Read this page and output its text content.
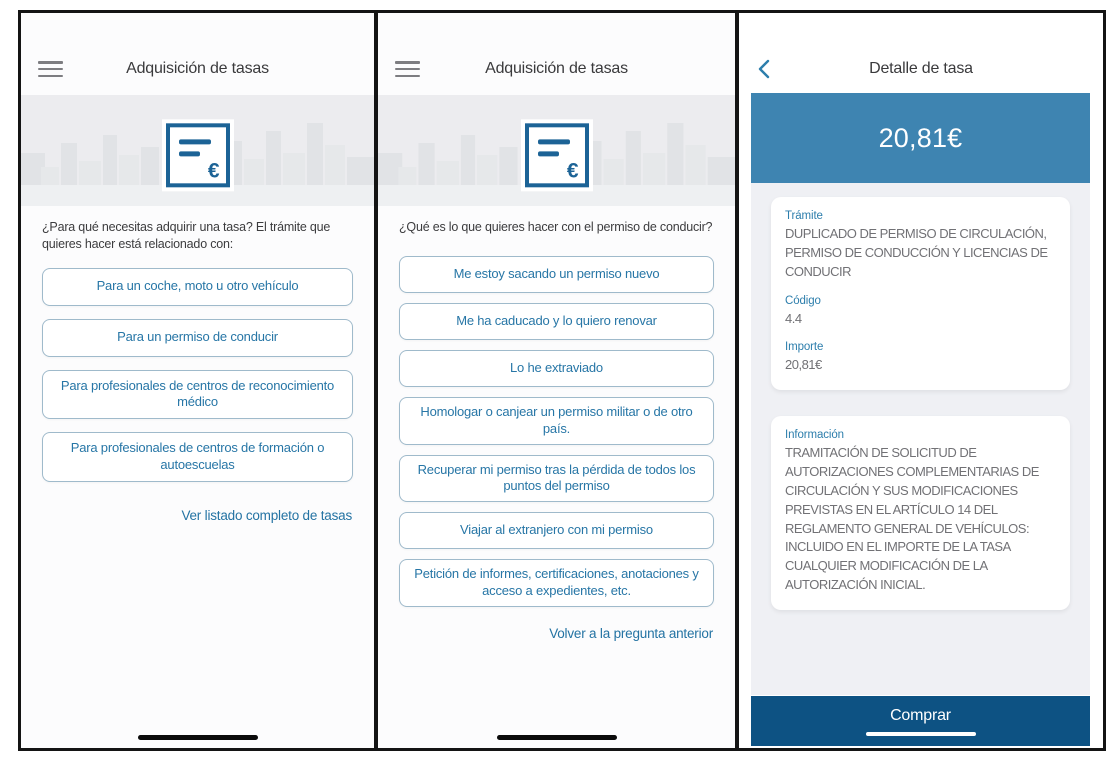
Adquisición de tasas
€

¿Para qué necesitas adquirir una tasa? El trámite que quieres hacer está relacionado con:

Para un coche, moto u otro vehículo
Para un permiso de conducir
Para profesionales de centros de reconocimiento médico
Para profesionales de centros de formación o autoescuelas
Ver listado completo de tasas
Adquisición de tasas
€

¿Qué es lo que quieres hacer con el permiso de conducir?

Me estoy sacando un permiso nuevo
Me ha caducado y lo quiero renovar
Lo he extraviado
Homologar o canjear un permiso militar o de otro país.
Recuperar mi permiso tras la pérdida de todos los puntos del permiso
Viajar al extranjero con mi permiso
Petición de informes, certificaciones, anotaciones y acceso a expedientes, etc.
Volver a la pregunta anterior
Detalle de tasa
20,81€

Trámite

DUPLICADO DE PERMISO DE CIRCULACIÓN, PERMISO DE CONDUCCIÓN Y LICENCIAS DE CONDUCIR

Código

4.4

Importe

20,81€

Información

TRAMITACIÓN DE SOLICITUD DE AUTORIZACIONES COMPLEMENTARIAS DE CIRCULACIÓN Y SUS MODIFICACIONES PREVISTAS EN EL ARTÍCULO 14 DEL REGLAMENTO GENERAL DE VEHÍCULOS: INCLUIDO EN EL IMPORTE DE LA TASA CUALQUIER MODIFICACIÓN DE LA AUTORIZACIÓN INICIAL.

Comprar
